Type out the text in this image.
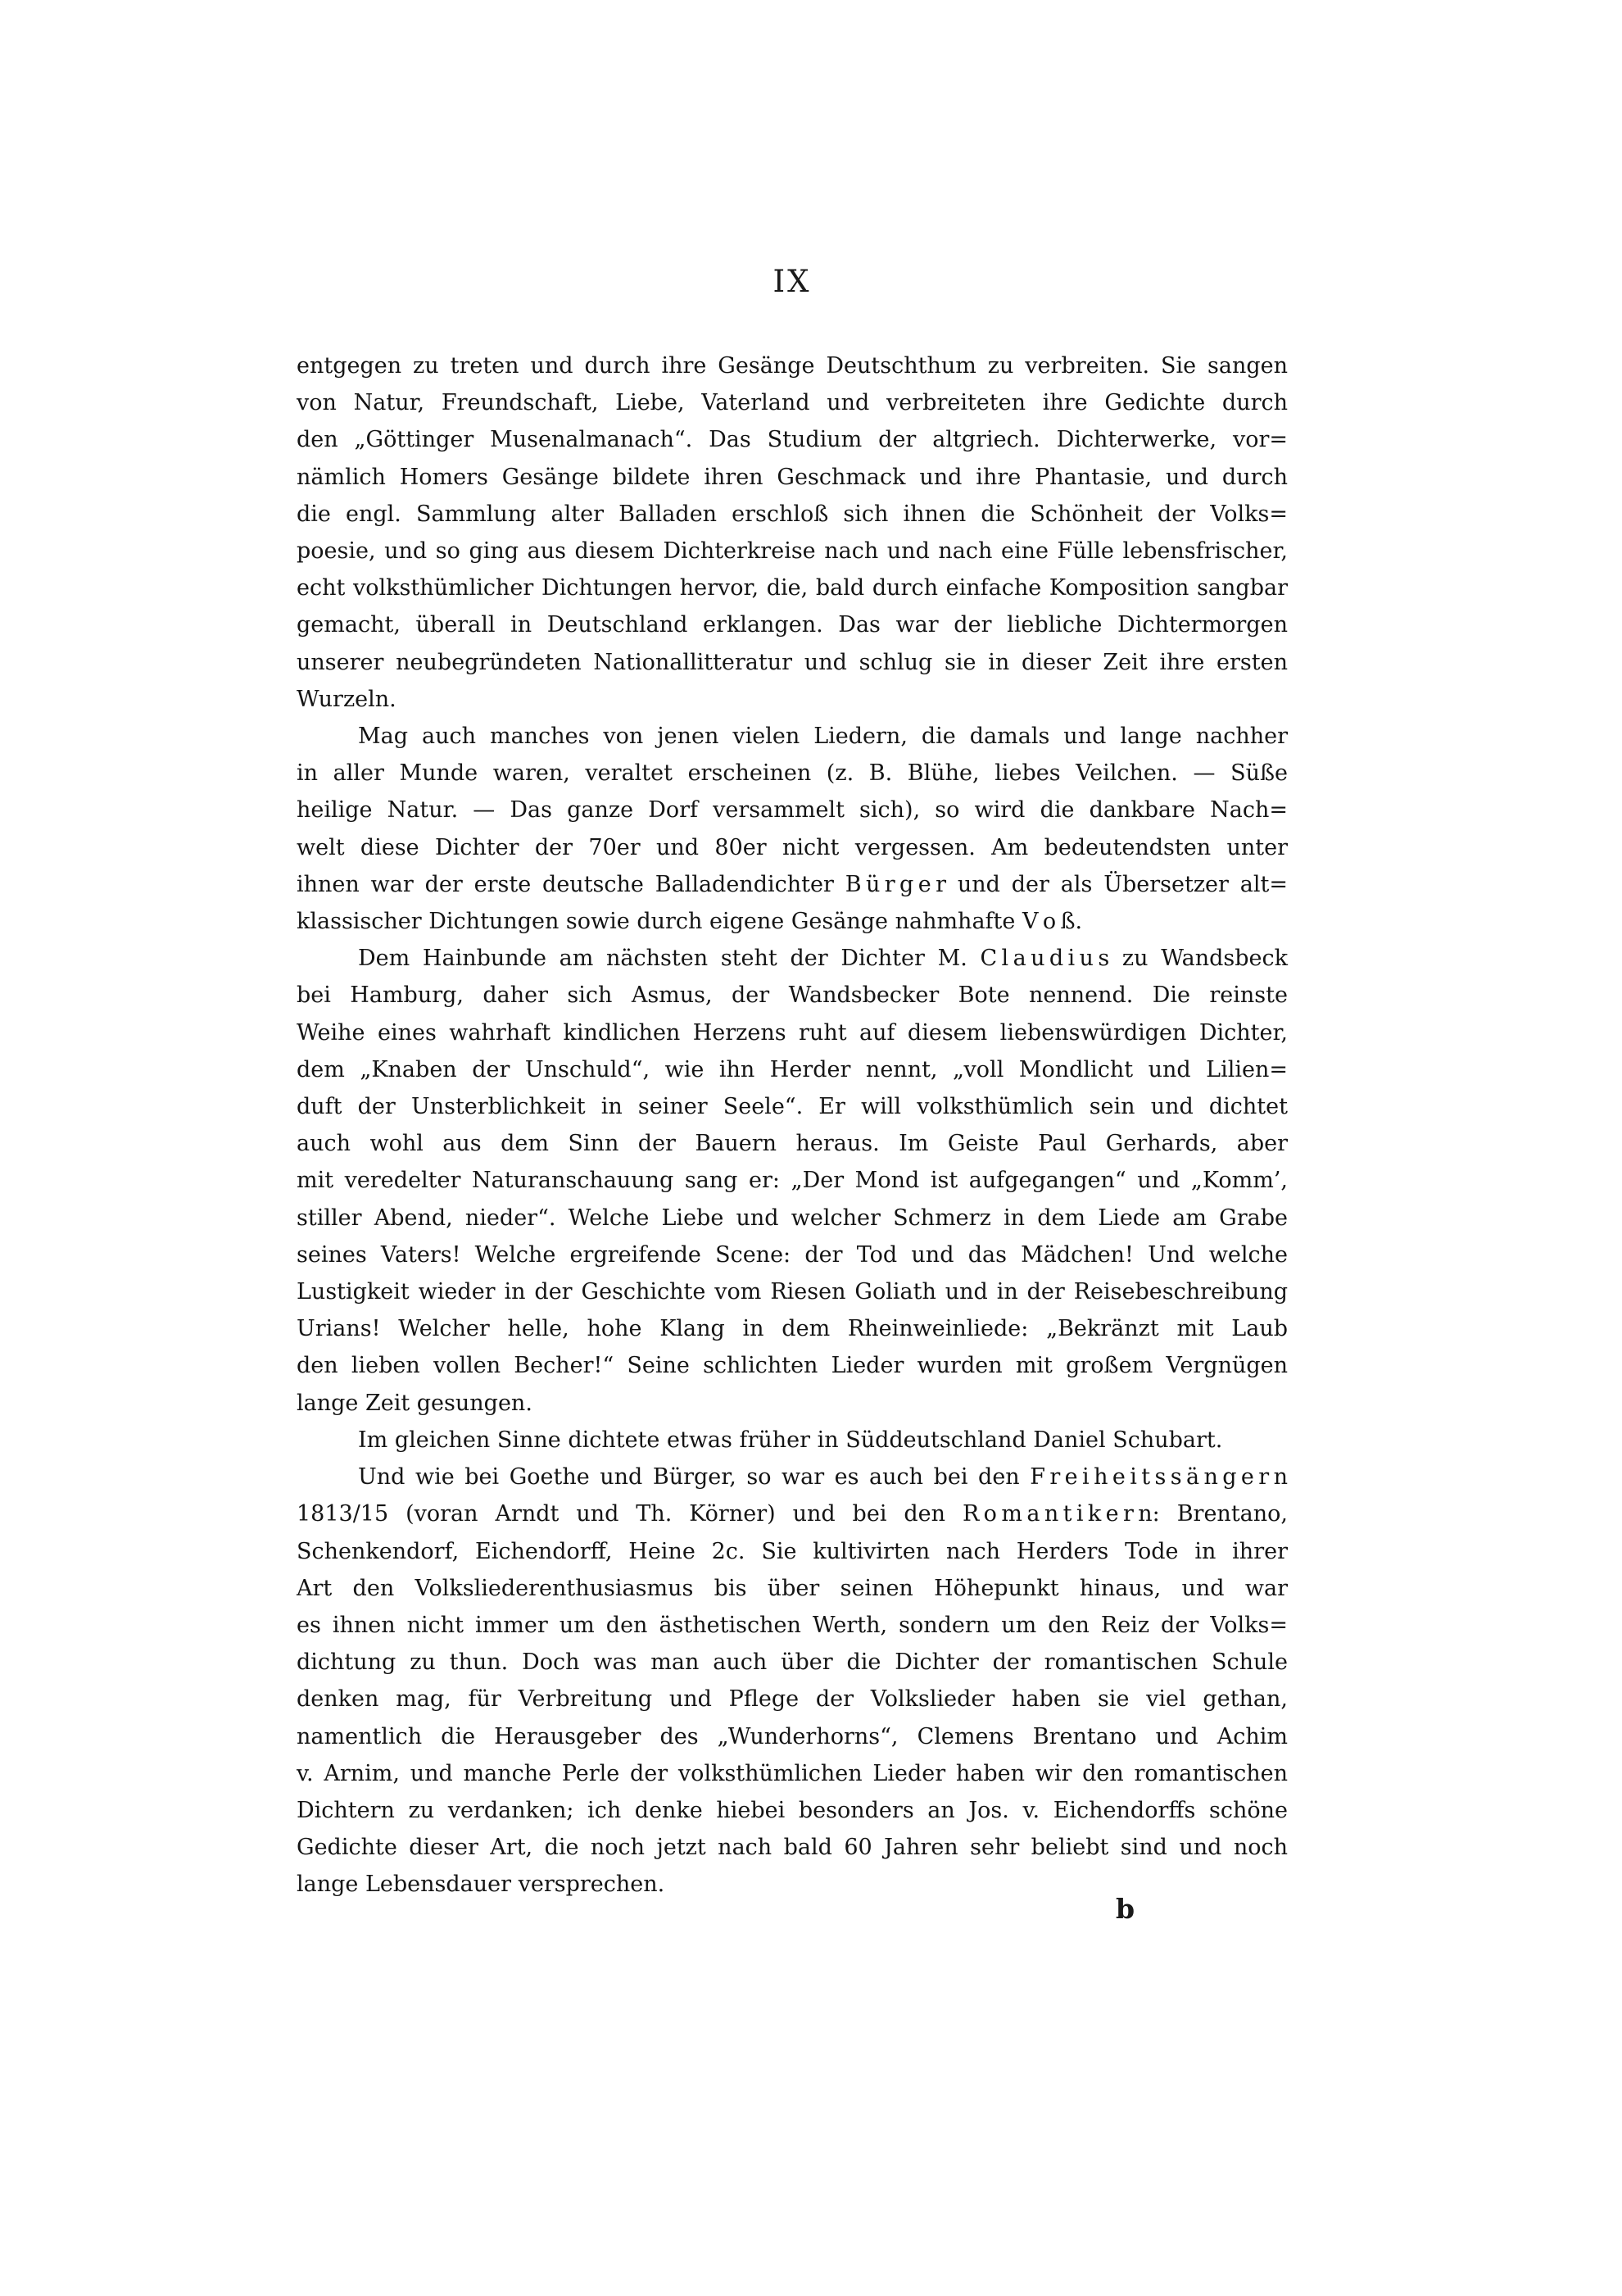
IX
entgegen zu treten und durch ihre Gesänge Deutschthum zu verbreiten. Sie sangen
von Natur, Freundschaft, Liebe, Vaterland und verbreiteten ihre Gedichte durch
den „Göttinger Musenalmanach“. Das Studium der altgriech. Dichterwerke, vor=
nämlich Homers Gesänge bildete ihren Geschmack und ihre Phantasie, und durch
die engl. Sammlung alter Balladen erschloß sich ihnen die Schönheit der Volks=
poesie, und so ging aus diesem Dichterkreise nach und nach eine Fülle lebensfrischer,
echt volksthümlicher Dichtungen hervor, die, bald durch einfache Komposition sangbar
gemacht, überall in Deutschland erklangen. Das war der liebliche Dichtermorgen
unserer neubegründeten Nationallitteratur und schlug sie in dieser Zeit ihre ersten
Wurzeln.
Mag auch manches von jenen vielen Liedern, die damals und lange nachher
in aller Munde waren, veraltet erscheinen (z. B. Blühe, liebes Veilchen. — Süße
heilige Natur. — Das ganze Dorf versammelt sich), so wird die dankbare Nach=
welt diese Dichter der 70er und 80er nicht vergessen. Am bedeutendsten unter
ihnen war der erste deutsche Balladendichter B ü r g e r und der als Übersetzer alt=
klassischer Dichtungen sowie durch eigene Gesänge nahmhafte V o ß.
Dem Hainbunde am nächsten steht der Dichter M. C l a u d i u s zu Wandsbeck
bei Hamburg, daher sich Asmus, der Wandsbecker Bote nennend. Die reinste
Weihe eines wahrhaft kindlichen Herzens ruht auf diesem liebenswürdigen Dichter,
dem „Knaben der Unschuld“, wie ihn Herder nennt, „voll Mondlicht und Lilien=
duft der Unsterblichkeit in seiner Seele“. Er will volksthümlich sein und dichtet
auch wohl aus dem Sinn der Bauern heraus. Im Geiste Paul Gerhards, aber
mit veredelter Naturanschauung sang er: „Der Mond ist aufgegangen“ und „Komm’,
stiller Abend, nieder“. Welche Liebe und welcher Schmerz in dem Liede am Grabe
seines Vaters! Welche ergreifende Scene: der Tod und das Mädchen! Und welche
Lustigkeit wieder in der Geschichte vom Riesen Goliath und in der Reisebeschreibung
Urians! Welcher helle, hohe Klang in dem Rheinweinliede: „Bekränzt mit Laub
den lieben vollen Becher!“ Seine schlichten Lieder wurden mit großem Vergnügen
lange Zeit gesungen.
Im gleichen Sinne dichtete etwas früher in Süddeutschland Daniel Schubart.
Und wie bei Goethe und Bürger, so war es auch bei den F r e i h e i t s s ä n g e r n
1813/15 (voran Arndt und Th. Körner) und bei den R o m a n t i k e r n: Brentano,
Schenkendorf, Eichendorff, Heine 2c. Sie kultivirten nach Herders Tode in ihrer
Art den Volksliederenthusiasmus bis über seinen Höhepunkt hinaus, und war
es ihnen nicht immer um den ästhetischen Werth, sondern um den Reiz der Volks=
dichtung zu thun. Doch was man auch über die Dichter der romantischen Schule
denken mag, für Verbreitung und Pflege der Volkslieder haben sie viel gethan,
namentlich die Herausgeber des „Wunderhorns“, Clemens Brentano und Achim
v. Arnim, und manche Perle der volksthümlichen Lieder haben wir den romantischen
Dichtern zu verdanken; ich denke hiebei besonders an Jos. v. Eichendorffs schöne
Gedichte dieser Art, die noch jetzt nach bald 60 Jahren sehr beliebt sind und noch
lange Lebensdauer versprechen.
b
